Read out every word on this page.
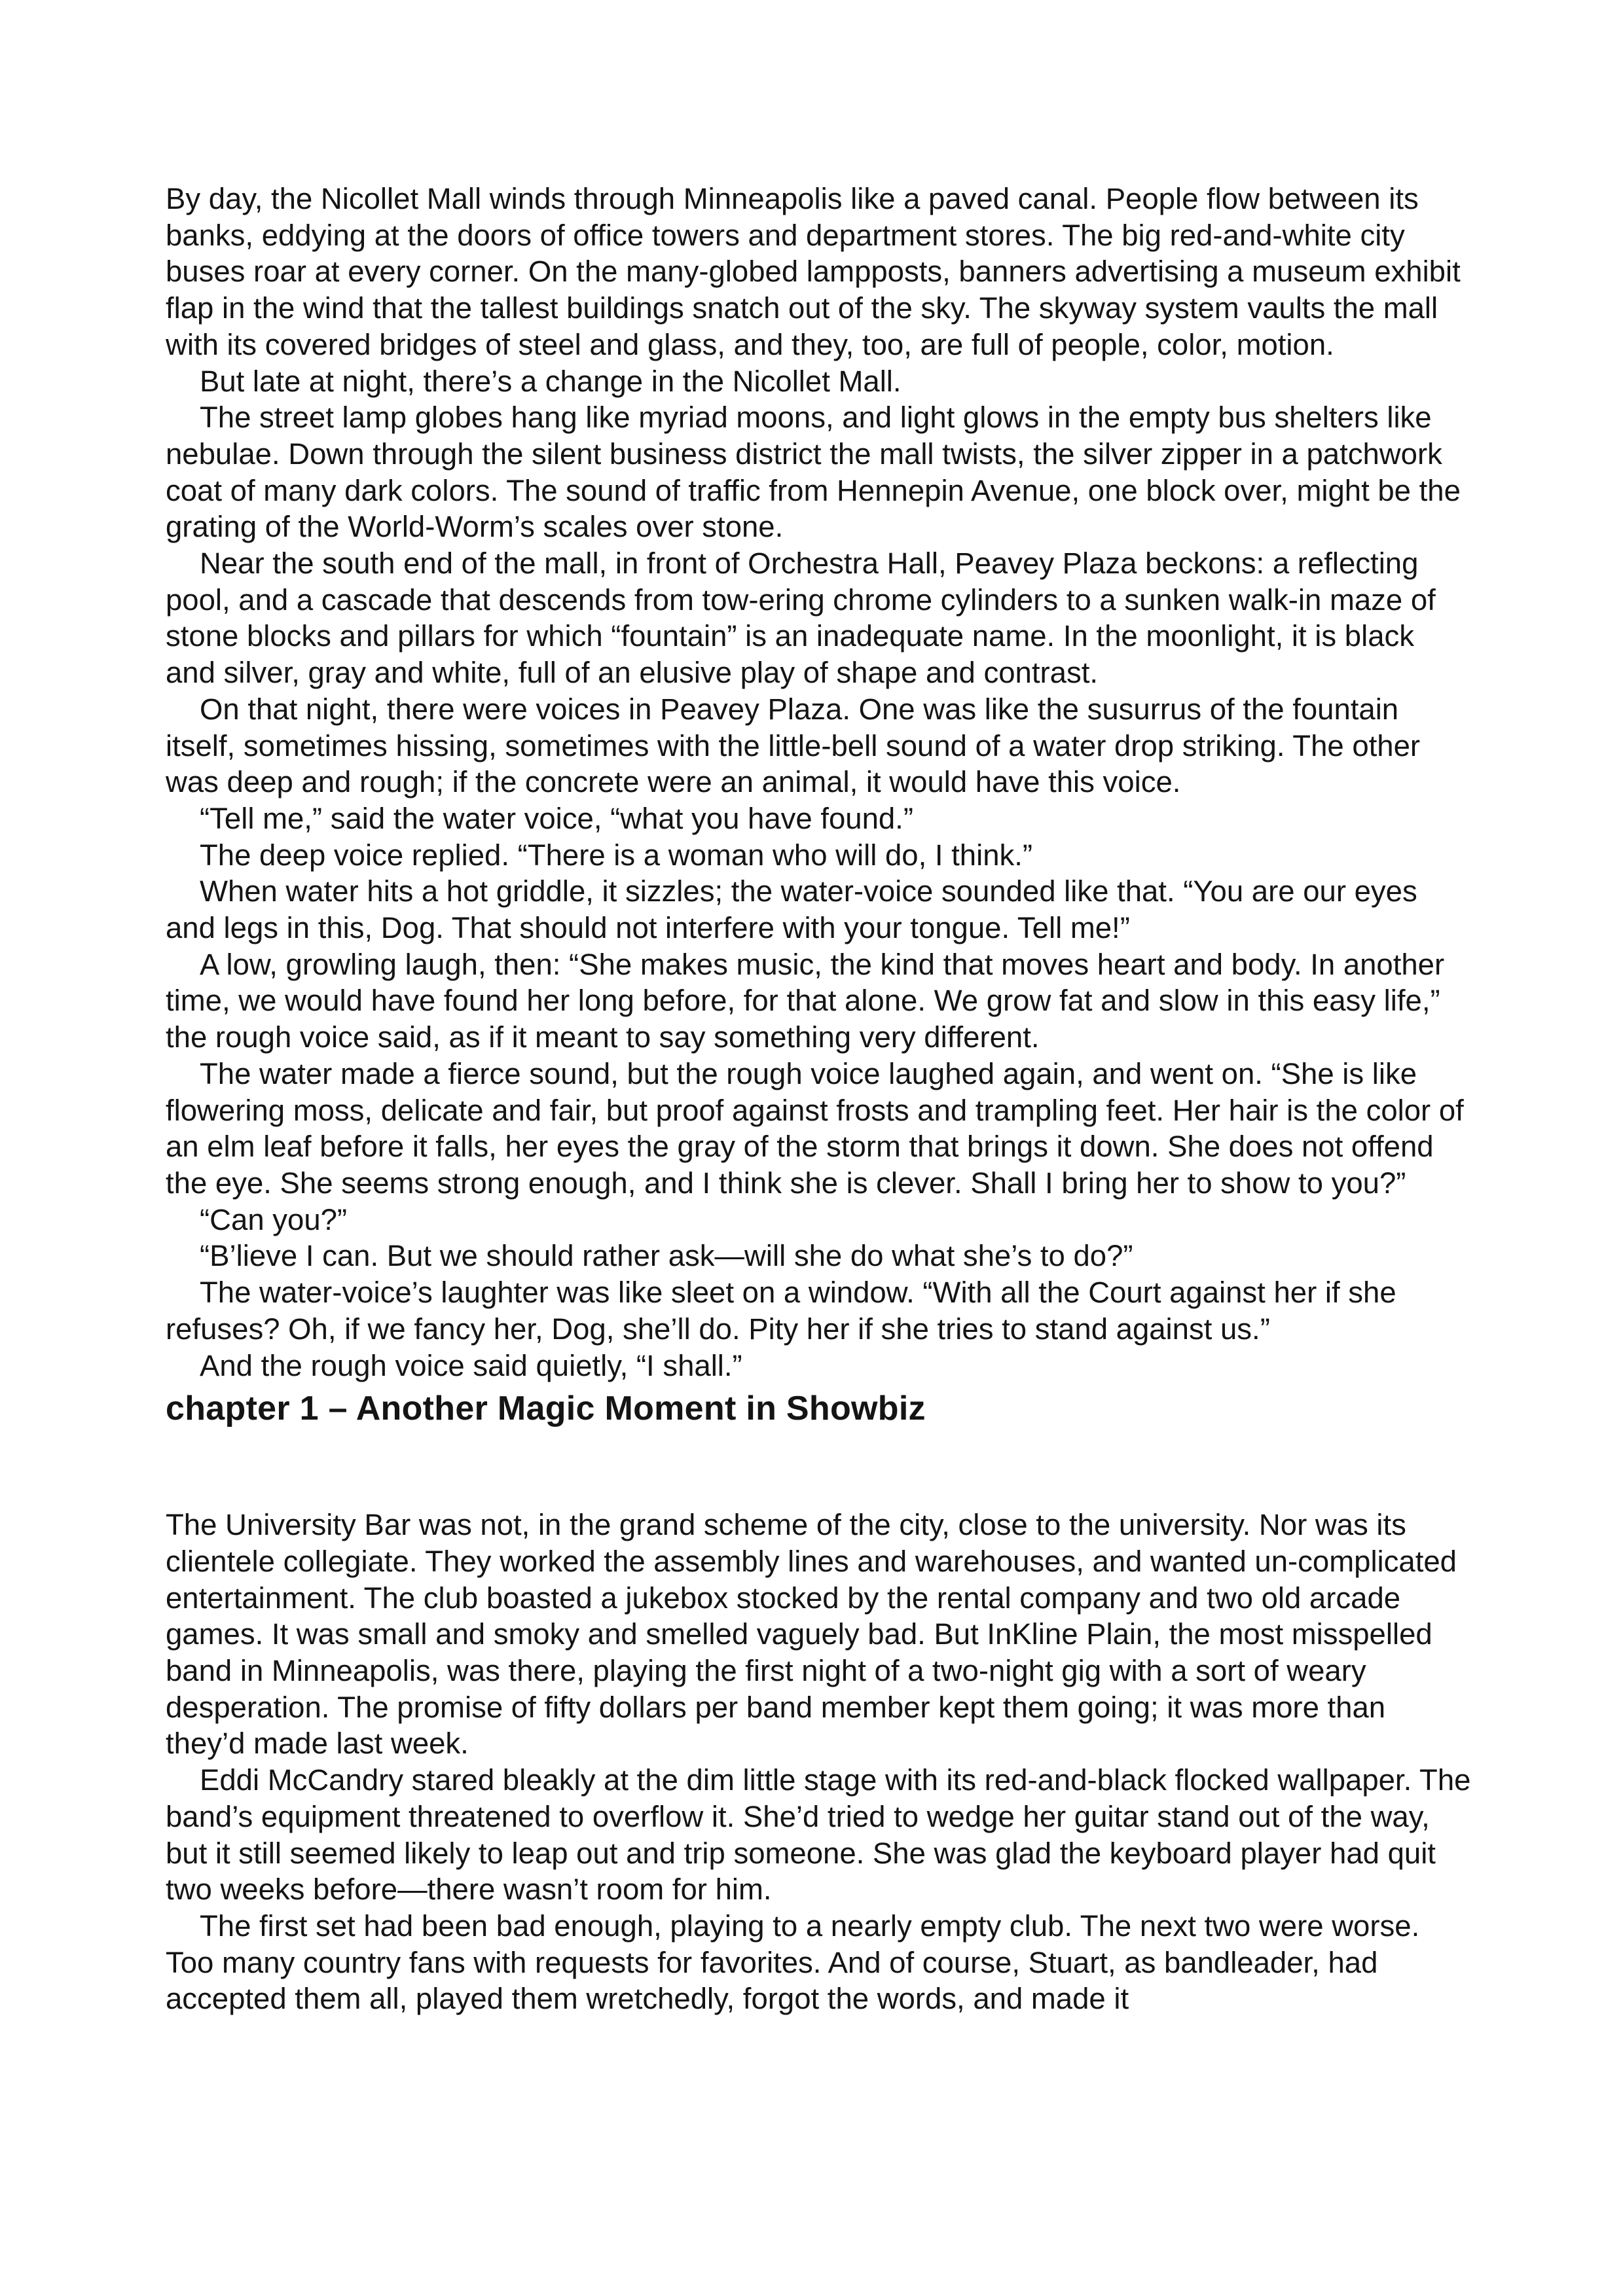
By day, the Nicollet Mall winds through Minneapolis like a paved canal. People flow between its banks, eddying at the doors of office towers and department stores. The big red-and-white city buses roar at every corner. On the many-globed lampposts, banners advertising a museum exhibit flap in the wind that the tallest buildings snatch out of the sky. The skyway system vaults the mall with its covered bridges of steel and glass, and they, too, are full of people, color, motion.

But late at night, there’s a change in the Nicollet Mall.

The street lamp globes hang like myriad moons, and light glows in the empty bus shelters like nebulae. Down through the silent business district the mall twists, the silver zipper in a patchwork coat of many dark colors. The sound of traffic from Hennepin Avenue, one block over, might be the grating of the World-Worm’s scales over stone.

Near the south end of the mall, in front of Orchestra Hall, Peavey Plaza beckons: a reflecting pool, and a cascade that descends from tow-ering chrome cylinders to a sunken walk-in maze of stone blocks and pillars for which “fountain” is an inadequate name. In the moonlight, it is black and silver, gray and white, full of an elusive play of shape and contrast.

On that night, there were voices in Peavey Plaza. One was like the susurrus of the fountain itself, sometimes hissing, sometimes with the little-bell sound of a water drop striking. The other was deep and rough; if the concrete were an animal, it would have this voice.

“Tell me,” said the water voice, “what you have found.”

The deep voice replied. “There is a woman who will do, I think.”

When water hits a hot griddle, it sizzles; the water-voice sounded like that. “You are our eyes and legs in this, Dog. That should not interfere with your tongue. Tell me!”

A low, growling laugh, then: “She makes music, the kind that moves heart and body. In another time, we would have found her long before, for that alone. We grow fat and slow in this easy life,” the rough voice said, as if it meant to say something very different.

The water made a fierce sound, but the rough voice laughed again, and went on. “She is like flowering moss, delicate and fair, but proof against frosts and trampling feet. Her hair is the color of an elm leaf before it falls, her eyes the gray of the storm that brings it down. She does not offend the eye. She seems strong enough, and I think she is clever. Shall I bring her to show to you?”

“Can you?”

“B’lieve I can. But we should rather ask—will she do what she’s to do?”

The water-voice’s laughter was like sleet on a window. “With all the Court against her if she refuses? Oh, if we fancy her, Dog, she’ll do. Pity her if she tries to stand against us.”

And the rough voice said quietly, “I shall.”

chapter 1 – Another Magic Moment in Showbiz

The University Bar was not, in the grand scheme of the city, close to the university. Nor was its clientele collegiate. They worked the assembly lines and warehouses, and wanted un-complicated entertainment. The club boasted a jukebox stocked by the rental company and two old arcade games. It was small and smoky and smelled vaguely bad. But InKline Plain, the most misspelled band in Minneapolis, was there, playing the first night of a two-night gig with a sort of weary desperation. The promise of fifty dollars per band member kept them going; it was more than they’d made last week.

Eddi McCandry stared bleakly at the dim little stage with its red-and-black flocked wallpaper. The band’s equipment threatened to overflow it. She’d tried to wedge her guitar stand out of the way, but it still seemed likely to leap out and trip someone. She was glad the keyboard player had quit two weeks before—there wasn’t room for him.

The first set had been bad enough, playing to a nearly empty club. The next two were worse. Too many country fans with requests for favorites. And of course, Stuart, as bandleader, had accepted them all, played them wretchedly, forgot the words, and made it
